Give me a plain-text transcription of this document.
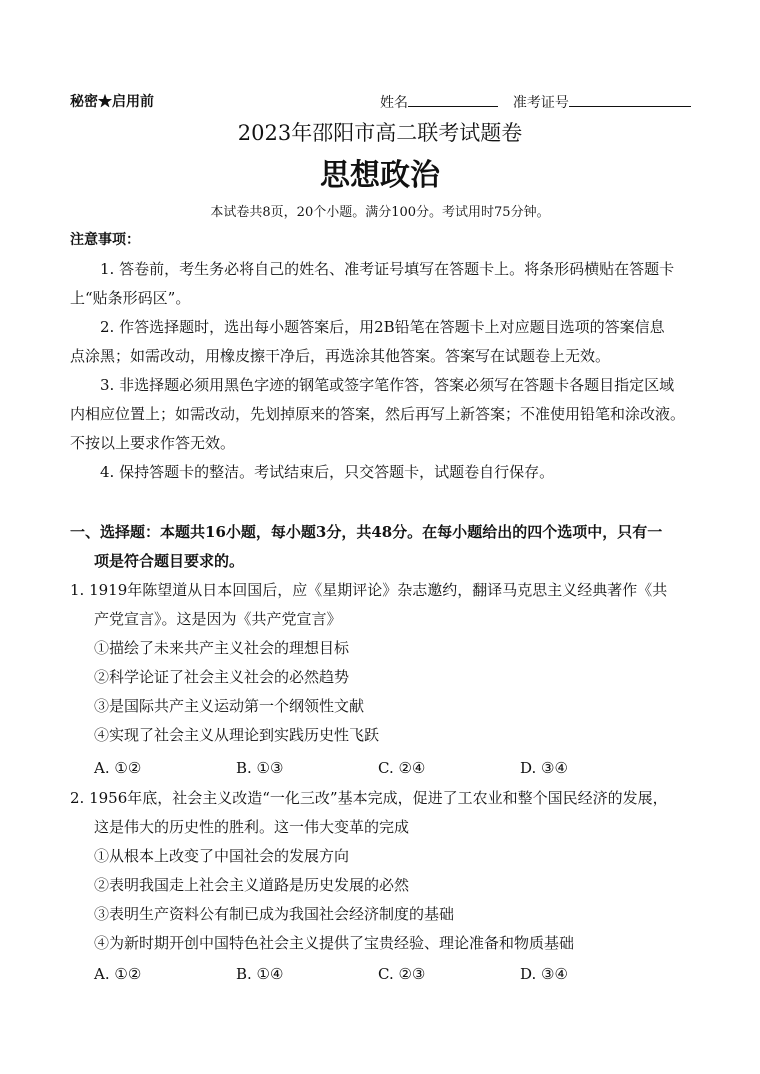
秘密★启用前	姓名	准考证号
2023年邵阳市高二联考试题卷
思想政治
本试卷共8页，20个小题。满分100分。考试用时75分钟。
注意事项：
1. 答卷前，考生务必将自己的姓名、准考证号填写在答题卡上。将条形码横贴在答题卡
上“贴条形码区”。
2. 作答选择题时，选出每小题答案后，用2B铅笔在答题卡上对应题目选项的答案信息
点涂黑；如需改动，用橡皮擦干净后，再选涂其他答案。答案写在试题卷上无效。
3. 非选择题必须用黑色字迹的钢笔或签字笔作答，答案必须写在答题卡各题目指定区域
内相应位置上；如需改动，先划掉原来的答案，然后再写上新答案；不准使用铅笔和涂改液。
不按以上要求作答无效。
4. 保持答题卡的整洁。考试结束后，只交答题卡，试题卷自行保存。
一、选择题：本题共16小题，每小题3分，共48分。在每小题给出的四个选项中，只有一
项是符合题目要求的。
1. 1919年陈望道从日本回国后，应《星期评论》杂志邀约，翻译马克思主义经典著作《共
产党宣言》。这是因为《共产党宣言》
①描绘了未来共产主义社会的理想目标
②科学论证了社会主义社会的必然趋势
③是国际共产主义运动第一个纲领性文献
④实现了社会主义从理论到实践历史性飞跃
A. ①②	B. ①③	C. ②④	D. ③④
2. 1956年底，社会主义改造“一化三改”基本完成，促进了工农业和整个国民经济的发展，
这是伟大的历史性的胜利。这一伟大变革的完成
①从根本上改变了中国社会的发展方向
②表明我国走上社会主义道路是历史发展的必然
③表明生产资料公有制已成为我国社会经济制度的基础
④为新时期开创中国特色社会主义提供了宝贵经验、理论准备和物质基础
A. ①②	B. ①④	C. ②③	D. ③④
